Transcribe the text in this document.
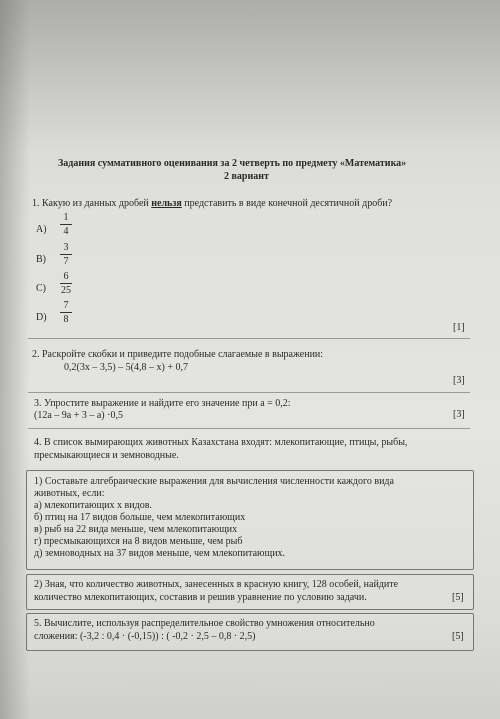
Задания суммативного оценивания за 2 четверть по предмету «Математика»
2 вариант
1. Какую из данных дробей нельзя представить в виде конечной десятичной дроби?
A)
1
4
B)
3
7
C)
6
25
D)
7
8
[1]
2. Раскройте скобки и приведите подобные слагаемые в выражении:
0,2(3x – 3,5) – 5(4,8 – x) + 0,7
[3]
3. Упростите выражение и найдите его значение при a = 0,2:
(12a – 9a + 3 – a) ·0,5	[3]
4. В список вымирающих животных Казахстана входят: млекопитающие, птицы, рыбы,
пресмыкающиеся и земноводные.
1) Составьте алгебраические выражения для вычисления численности каждого вида
животных, если:
а) млекопитающих x видов.
б) птиц на 17 видов больше, чем млекопитающих
в) рыб на 22 вида меньше, чем млекопитающих
г) пресмыкающихся на 8 видов меньше, чем рыб
д) земноводных на 37 видов меньше, чем млекопитающих.
2) Зная, что количество животных, занесенных в красную книгу, 128 особей, найдите
количество млекопитающих, составив и решив уравнение по условию задачи.	[5]
5. Вычислите, используя распределительное свойство умножения относительно
сложения: (-3,2 : 0,4 · (-0,15)) : ( -0,2 · 2,5 – 0,8 · 2,5)	[5]
